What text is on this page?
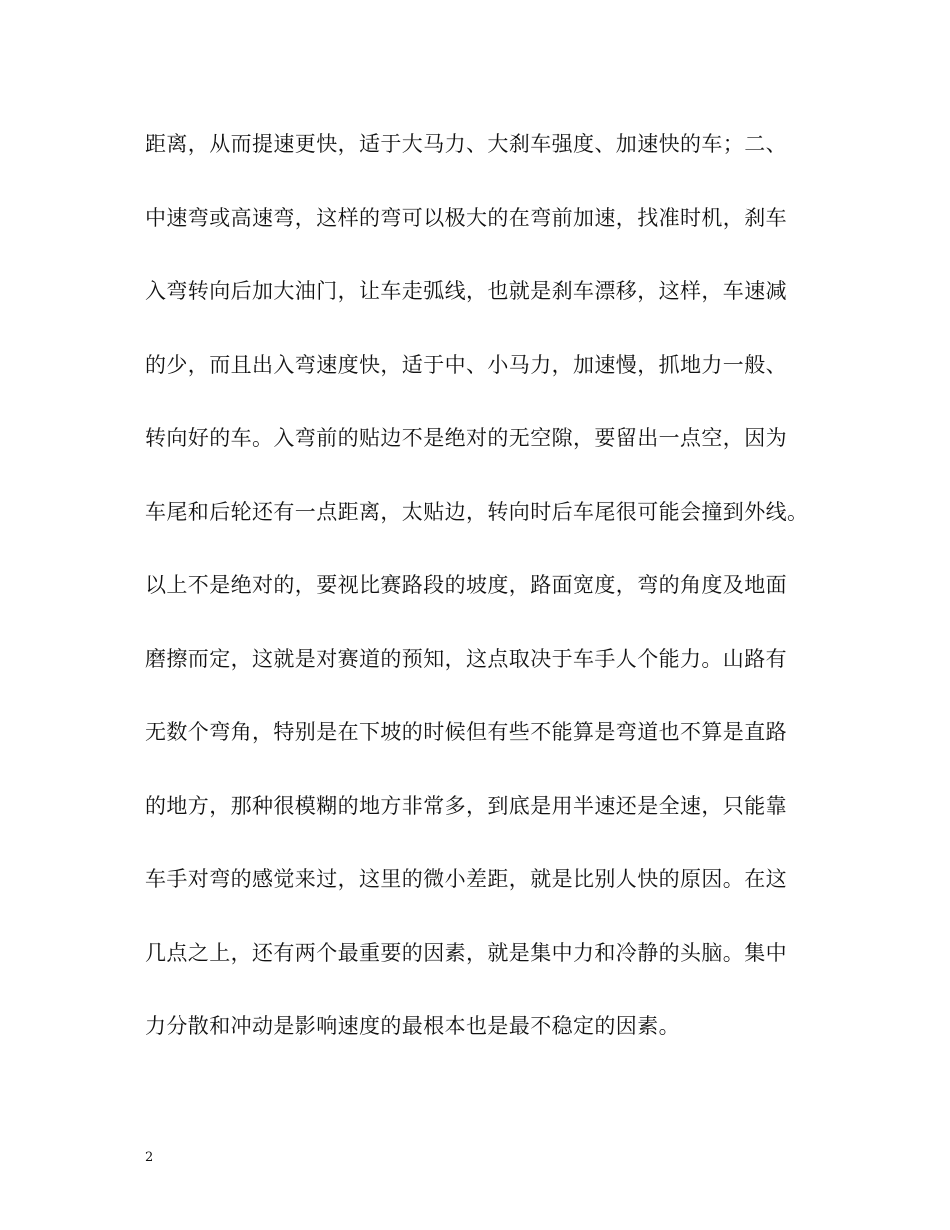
距离，从而提速更快，适于大马力、大刹车强度、加速快的车；二、
中速弯或高速弯，这样的弯可以极大的在弯前加速，找准时机，刹车
入弯转向后加大油门，让车走弧线，也就是刹车漂移，这样，车速减
的少，而且出入弯速度快，适于中、小马力，加速慢，抓地力一般、
转向好的车。入弯前的贴边不是绝对的无空隙，要留出一点空，因为
车尾和后轮还有一点距离，太贴边，转向时后车尾很可能会撞到外线。
以上不是绝对的，要视比赛路段的坡度，路面宽度，弯的角度及地面
磨擦而定，这就是对赛道的预知，这点取决于车手人个能力。山路有
无数个弯角，特别是在下坡的时候但有些不能算是弯道也不算是直路
的地方，那种很模糊的地方非常多，到底是用半速还是全速，只能靠
车手对弯的感觉来过，这里的微小差距，就是比别人快的原因。在这
几点之上，还有两个最重要的因素，就是集中力和冷静的头脑。集中
力分散和冲动是影响速度的最根本也是最不稳定的因素。
2
